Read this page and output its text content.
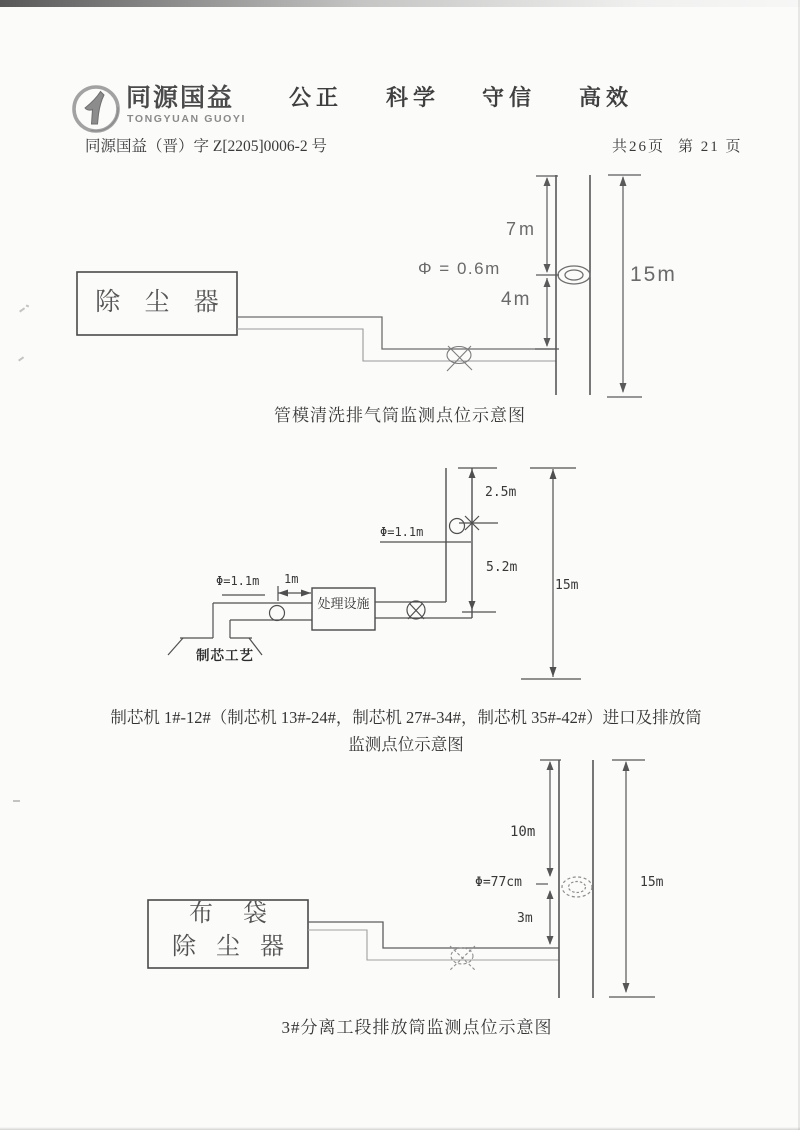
同源国益
TONGYUAN GUOYI
公正 科学 守信 高效
同源国益（晋）字 Z[2205]0006-2 号	共26页 第 21 页
除 尘 器
7m
Φ = 0.6m
4m
15m
管模清洗排气筒监测点位示意图
2.5m
Φ=1.1m
5.2m
15m
Φ=1.1m 1m
处理设施
制芯工艺
制芯机 1#-12#（制芯机 13#-24#，制芯机 27#-34#，制芯机 35#-42#）进口及排放筒
监测点位示意图
布 袋
除 尘 器
10m
Φ=77cm
3m
15m
3#分离工段排放筒监测点位示意图
